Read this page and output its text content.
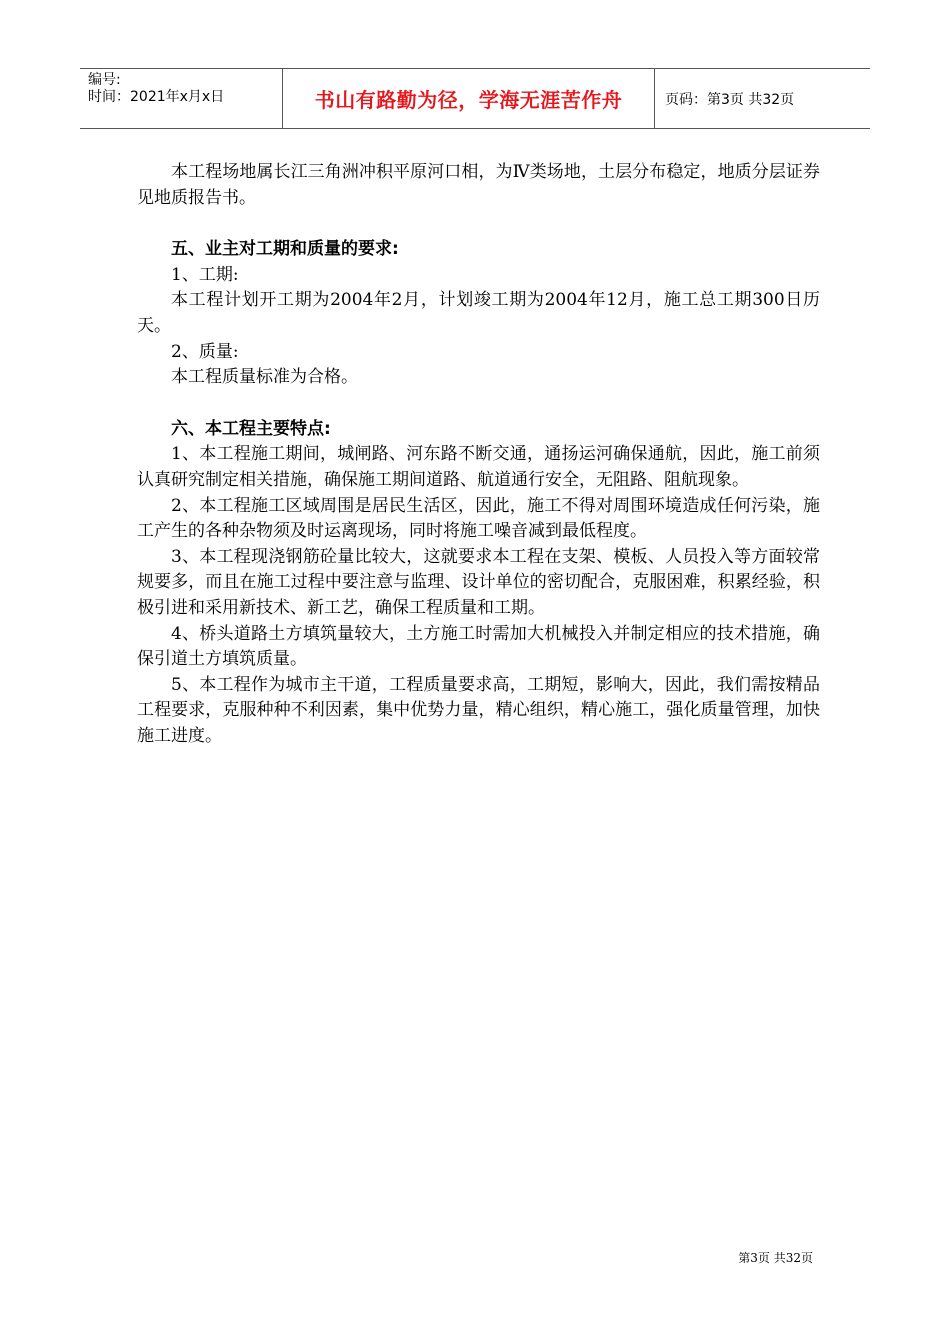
编号:
时间：2021年x月x日	书山有路勤为径，学海无涯苦作舟	页码：第3页 共32页

本工程场地属长江三角洲冲积平原河口相，为Ⅳ类场地，土层分布稳定，地质分层证券见地质报告书。

五、业主对工期和质量的要求:

1、工期:

本工程计划开工期为2004年2月，计划竣工期为2004年12月，施工总工期300日历天。

2、质量:

本工程质量标准为合格。

六、本工程主要特点:

1、本工程施工期间，城闸路、河东路不断交通，通扬运河确保通航，因此，施工前须认真研究制定相关措施，确保施工期间道路、航道通行安全，无阻路、阻航现象。

2、本工程施工区域周围是居民生活区，因此，施工不得对周围环境造成任何污染，施工产生的各种杂物须及时运离现场，同时将施工噪音减到最低程度。

3、本工程现浇钢筋砼量比较大，这就要求本工程在支架、模板、人员投入等方面较常规要多，而且在施工过程中要注意与监理、设计单位的密切配合，克服困难，积累经验，积极引进和采用新技术、新工艺，确保工程质量和工期。

4、桥头道路土方填筑量较大，土方施工时需加大机械投入并制定相应的技术措施，确保引道土方填筑质量。

5、本工程作为城市主干道，工程质量要求高，工期短，影响大，因此，我们需按精品工程要求，克服种种不利因素，集中优势力量，精心组织，精心施工，强化质量管理，加快施工进度。

第3页 共32页
